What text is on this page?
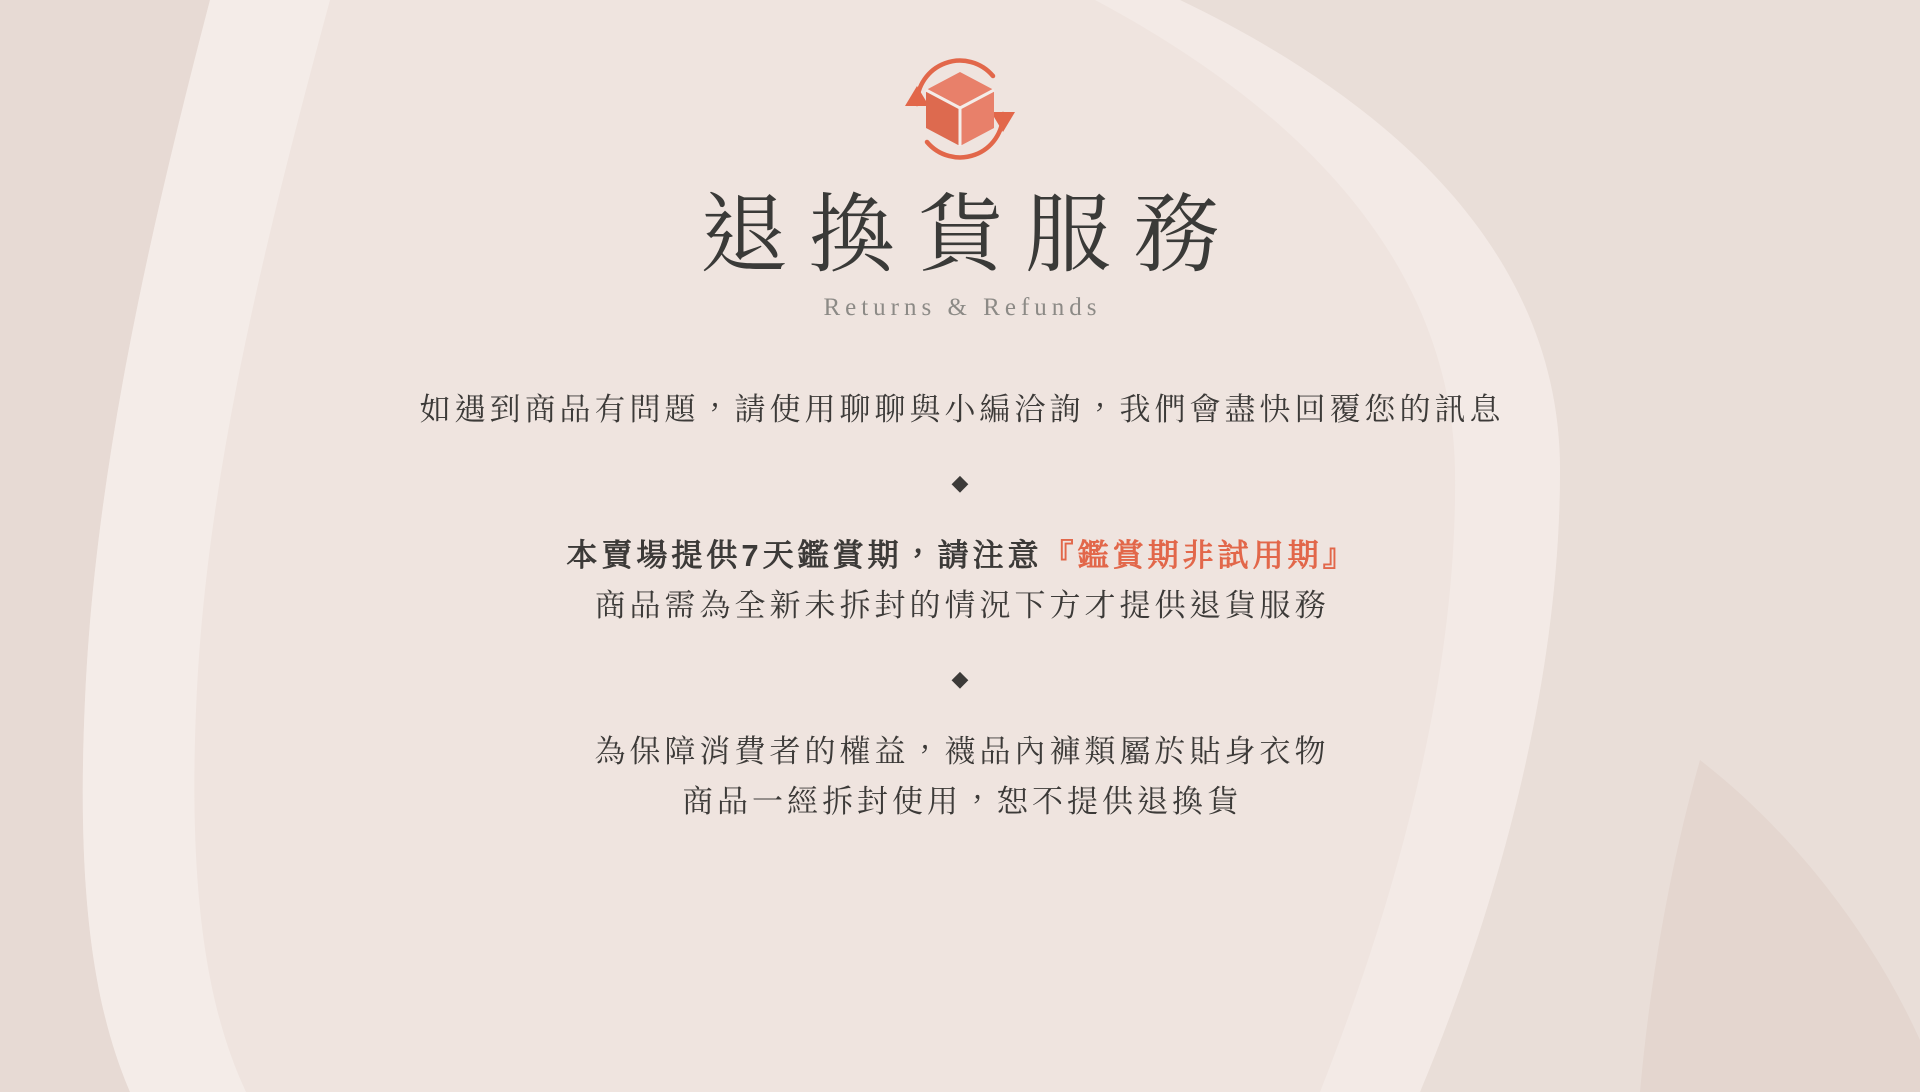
退換貨服務
Returns & Refunds
如遇到商品有問題，請使用聊聊與小編洽詢，我們會盡快回覆您的訊息
◆
本賣場提供7天鑑賞期，請注意『鑑賞期非試用期』
商品需為全新未拆封的情況下方才提供退貨服務
◆
為保障消費者的權益，襪品內褲類屬於貼身衣物
商品一經拆封使用，恕不提供退換貨
